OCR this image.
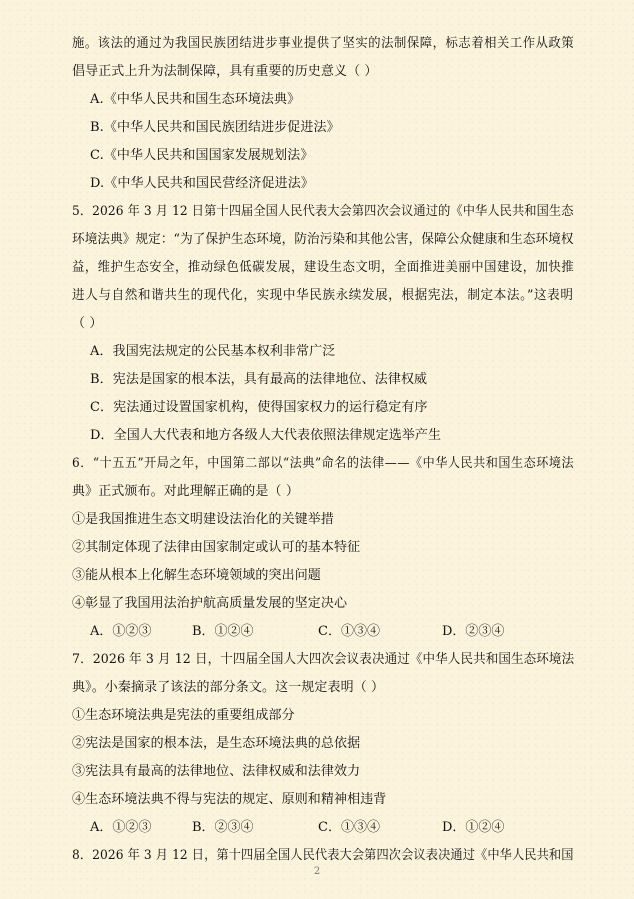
施。该法的通过为我国民族团结进步事业提供了坚实的法制保障，标志着相关工作从政策
倡导正式上升为法制保障，具有重要的历史意义（ ）
A.《中华人民共和国生态环境法典》
B.《中华人民共和国民族团结进步促进法》
C.《中华人民共和国国家发展规划法》
D.《中华人民共和国民营经济促进法》
5．2026 年 3 月 12 日第十四届全国人民代表大会第四次会议通过的《中华人民共和国生态
环境法典》规定：“为了保护生态环境，防治污染和其他公害，保障公众健康和生态环境权
益，维护生态安全，推动绿色低碳发展，建设生态文明，全面推进美丽中国建设，加快推
进人与自然和谐共生的现代化，实现中华民族永续发展，根据宪法，制定本法。”这表明
（ ）
A．我国宪法规定的公民基本权利非常广泛
B．宪法是国家的根本法，具有最高的法律地位、法律权威
C．宪法通过设置国家机构，使得国家权力的运行稳定有序
D．全国人大代表和地方各级人大代表依照法律规定选举产生
6．“十五五”开局之年，中国第二部以“法典”命名的法律——《中华人民共和国生态环境法
典》正式颁布。对此理解正确的是（ ）
①是我国推进生态文明建设法治化的关键举措
②其制定体现了法律由国家制定或认可的基本特征
③能从根本上化解生态环境领域的突出问题
④彰显了我国用法治护航高质量发展的坚定决心
A．①②③	B．①②④	C．①③④	D．②③④
7．2026 年 3 月 12 日，十四届全国人大四次会议表决通过《中华人民共和国生态环境法
典》。小秦摘录了该法的部分条文。这一规定表明（ ）
①生态环境法典是宪法的重要组成部分
②宪法是国家的根本法，是生态环境法典的总依据
③宪法具有最高的法律地位、法律权威和法律效力
④生态环境法典不得与宪法的规定、原则和精神相违背
A．①②③	B．②③④	C．①③④	D．①②④
8．2026 年 3 月 12 日，第十四届全国人民代表大会第四次会议表决通过《中华人民共和国
2
